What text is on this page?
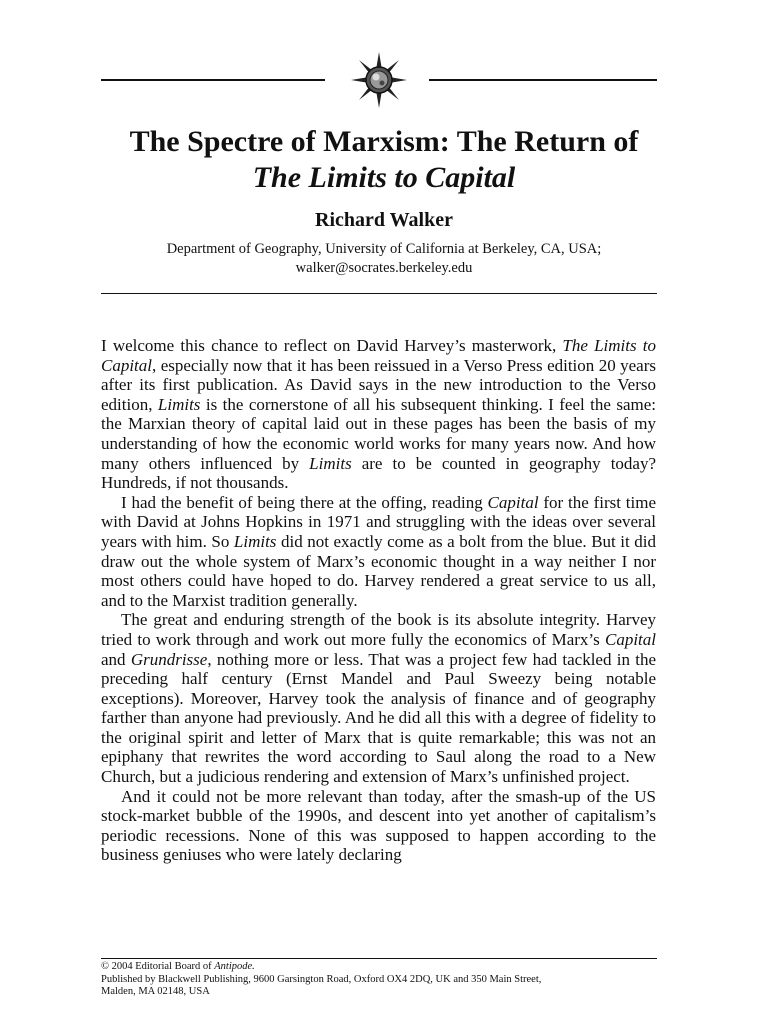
The Spectre of Marxism: The Return of
The Limits to Capital
Richard Walker
Department of Geography, University of California at Berkeley, CA, USA;
walker@socrates.berkeley.edu

I welcome this chance to reflect on David Harvey’s masterwork, The Limits to Capital, especially now that it has been reissued in a Verso Press edition 20 years after its first publication. As David says in the new introduction to the Verso edition, Limits is the cornerstone of all his subsequent thinking. I feel the same: the Marxian theory of capital laid out in these pages has been the basis of my understanding of how the economic world works for many years now. And how many others influenced by Limits are to be counted in geography today? Hundreds, if not thousands.

I had the benefit of being there at the offing, reading Capital for the first time with David at Johns Hopkins in 1971 and struggling with the ideas over several years with him. So Limits did not exactly come as a bolt from the blue. But it did draw out the whole system of Marx’s economic thought in a way neither I nor most others could have hoped to do. Harvey rendered a great service to us all, and to the Marxist tradition generally.

The great and enduring strength of the book is its absolute integrity. Harvey tried to work through and work out more fully the economics of Marx’s Capital and Grundrisse, nothing more or less. That was a project few had tackled in the preceding half century (Ernst Mandel and Paul Sweezy being notable exceptions). Moreover, Harvey took the analysis of finance and of geography farther than anyone had previously. And he did all this with a degree of fidelity to the original spirit and letter of Marx that is quite remarkable; this was not an epiphany that rewrites the word according to Saul along the road to a New Church, but a judicious rendering and extension of Marx’s unfinished project.

And it could not be more relevant than today, after the smash-up of the US stock-market bubble of the 1990s, and descent into yet another of capitalism’s periodic recessions. None of this was supposed to happen according to the business geniuses who were lately declaring

© 2004 Editorial Board of Antipode.
Published by Blackwell Publishing, 9600 Garsington Road, Oxford OX4 2DQ, UK and 350 Main Street,
Malden, MA 02148, USA
